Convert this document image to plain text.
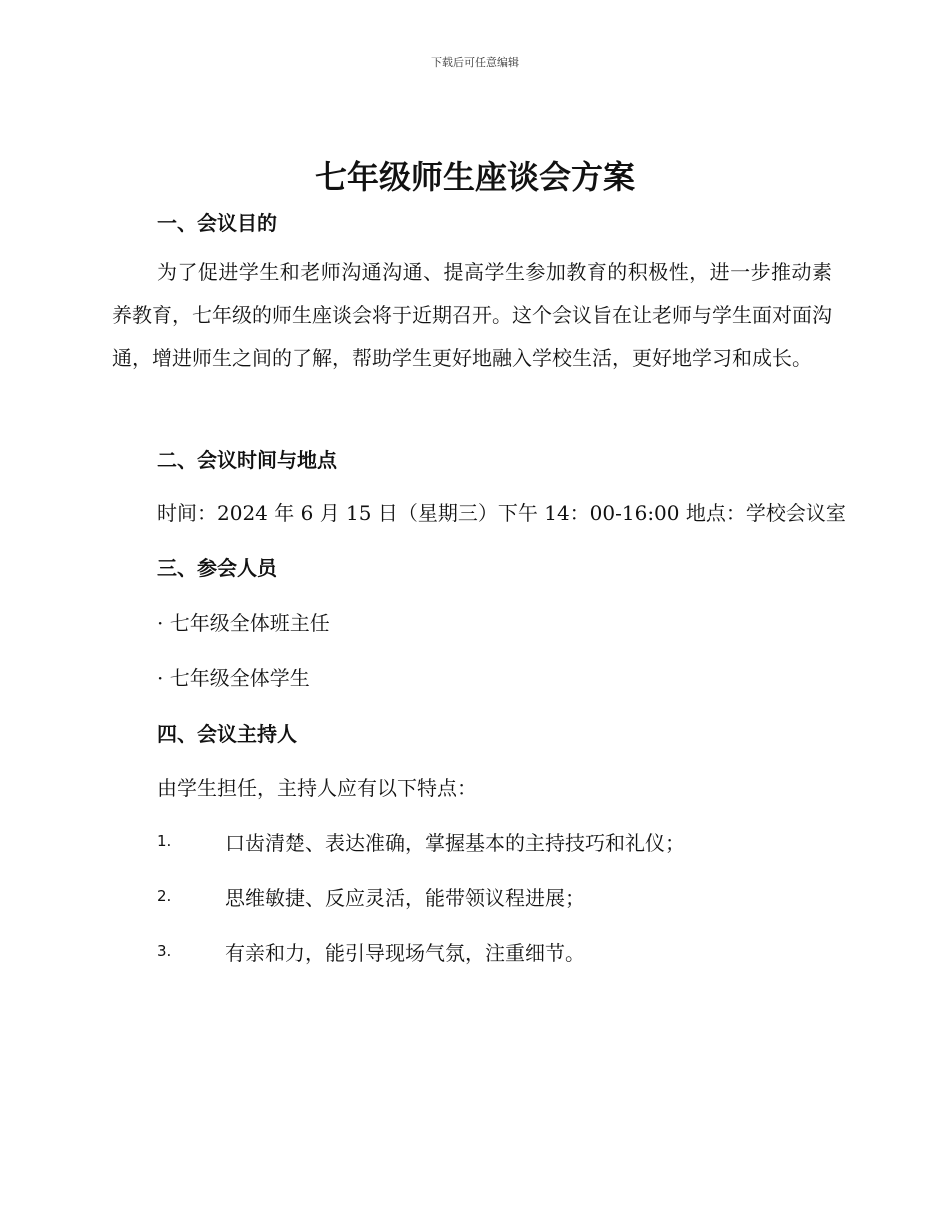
下载后可任意编辑
七年级师生座谈会方案
一、会议目的

为了促进学生和老师沟通沟通、提高学生参加教育的积极性，进一步推动素养教育，七年级的师生座谈会将于近期召开。这个会议旨在让老师与学生面对面沟通，增进师生之间的了解，帮助学生更好地融入学校生活，更好地学习和成长。

二、会议时间与地点

时间：2024 年 6 月 15 日（星期三）下午 14：00-16:00 地点：学校会议室

三、参会人员

· 七年级全体班主任

· 七年级全体学生

四、会议主持人

由学生担任，主持人应有以下特点：

1.	口齿清楚、表达准确，掌握基本的主持技巧和礼仪；
2.	思维敏捷、反应灵活，能带领议程进展；
3.	有亲和力，能引导现场气氛，注重细节。
